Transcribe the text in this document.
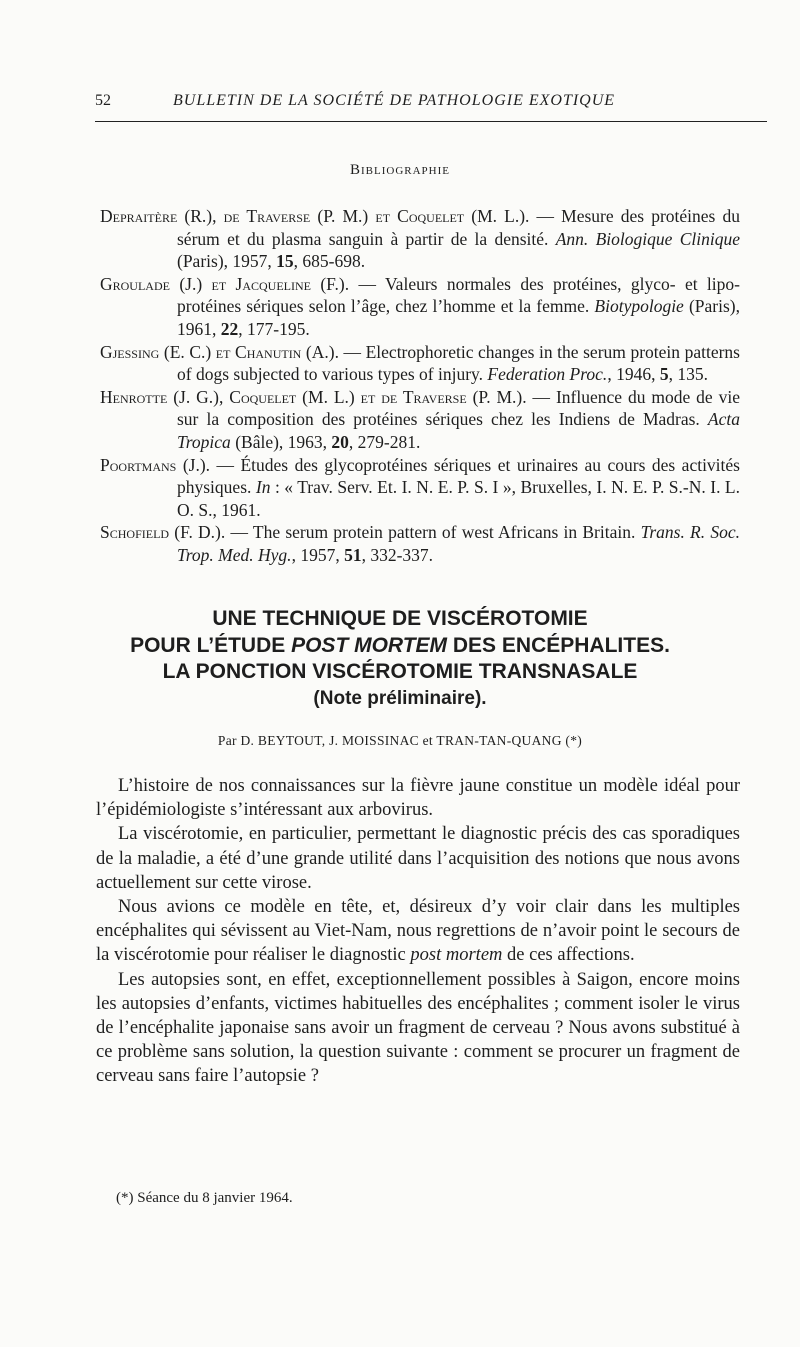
52	BULLETIN DE LA SOCIÉTÉ DE PATHOLOGIE EXOTIQUE
Bibliographie

Depraitère (R.), de Traverse (P. M.) et Coquelet (M. L.). — Mesure des protéines du sérum et du plasma sanguin à partir de la densité. Ann. Biologique Clinique (Paris), 1957, 15, 685-698.

Groulade (J.) et Jacqueline (F.). — Valeurs normales des protéines, glyco- et lipo-protéines sériques selon l’âge, chez l’homme et la femme. Biotypologie (Paris), 1961, 22, 177-195.

Gjessing (E. C.) et Chanutin (A.). — Electrophoretic changes in the serum protein patterns of dogs subjected to various types of injury. Federation Proc., 1946, 5, 135.

Henrotte (J. G.), Coquelet (M. L.) et de Traverse (P. M.). — Influence du mode de vie sur la composition des protéines sériques chez les Indiens de Madras. Acta Tropica (Bâle), 1963, 20, 279-281.

Poortmans (J.). — Études des glycoprotéines sériques et urinaires au cours des activités physiques. In : « Trav. Serv. Et. I. N. E. P. S. I », Bruxelles, I. N. E. P. S.-N. I. L. O. S., 1961.

Schofield (F. D.). — The serum protein pattern of west Africans in Britain. Trans. R. Soc. Trop. Med. Hyg., 1957, 51, 332-337.

UNE TECHNIQUE DE VISCÉROTOMIE
POUR L’ÉTUDE POST MORTEM DES ENCÉPHALITES.
LA PONCTION VISCÉROTOMIE TRANSNASALE
(Note préliminaire).
Par D. BEYTOUT, J. MOISSINAC et TRAN-TAN-QUANG (*)

L’histoire de nos connaissances sur la fièvre jaune constitue un modèle idéal pour l’épidémiologiste s’intéressant aux arbovirus.

La viscérotomie, en particulier, permettant le diagnostic précis des cas sporadiques de la maladie, a été d’une grande utilité dans l’acquisition des notions que nous avons actuellement sur cette virose.

Nous avions ce modèle en tête, et, désireux d’y voir clair dans les multiples encéphalites qui sévissent au Viet-Nam, nous regrettions de n’avoir point le secours de la viscérotomie pour réaliser le diagnostic post mortem de ces affections.

Les autopsies sont, en effet, exceptionnellement possibles à Saigon, encore moins les autopsies d’enfants, victimes habituelles des encéphalites ; comment isoler le virus de l’encéphalite japonaise sans avoir un fragment de cerveau ? Nous avons substitué à ce problème sans solution, la question suivante : comment se procurer un fragment de cerveau sans faire l’autopsie ?

(*) Séance du 8 janvier 1964.
